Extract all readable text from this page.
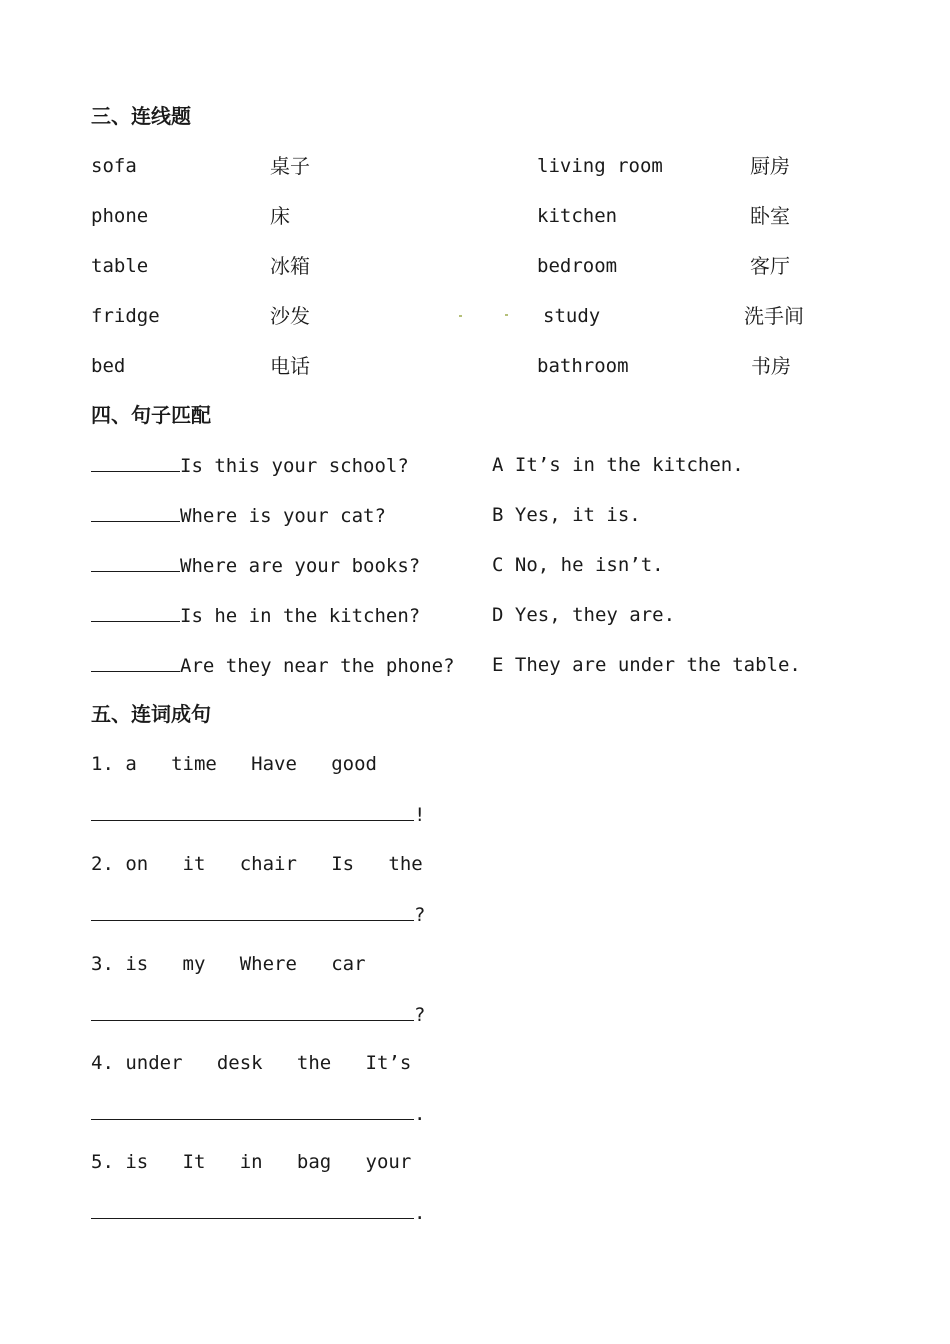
三、连线题
sofa
phone
table
fridge
bed
桌子
床
冰箱
沙发
电话
living room
kitchen
bedroom
study
bathroom
厨房
卧室
客厅
洗手间
书房
四、句子匹配
Is this your school?
Where is your cat?
Where are your books?
Is he in the kitchen?
Are they near the phone?
A It’s in the kitchen.
B Yes, it is.
C No, he isn’t.
D Yes, they are.
E They are under the table.
五、连词成句
1. a   time   Have   good
!
2. on   it   chair   Is   the
?
3. is   my   Where   car
?
4. under   desk   the   It’s
.
5. is   It   in   bag   your
.
